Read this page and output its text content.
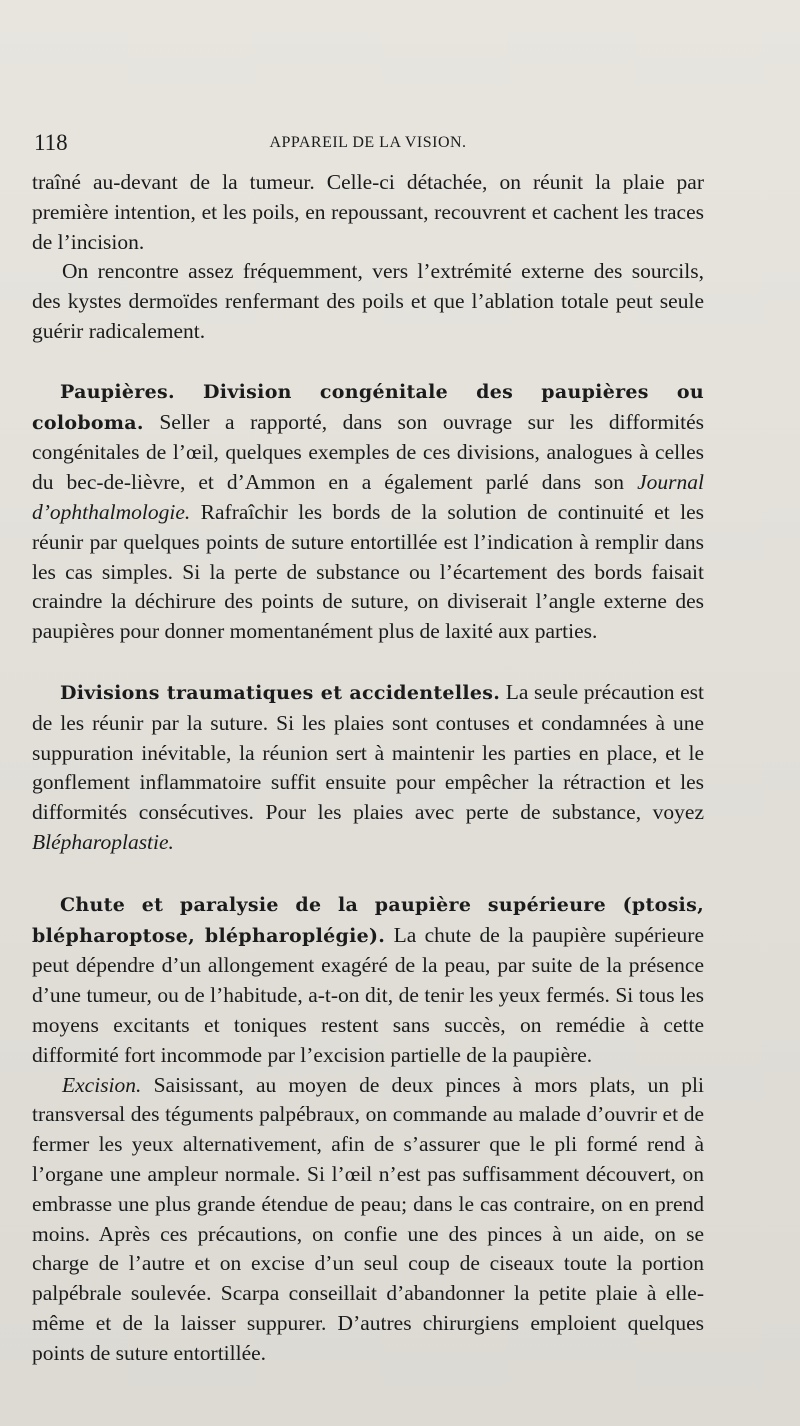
118	APPAREIL DE LA VISION.

traîné au-devant de la tumeur. Celle-ci détachée, on réunit la plaie par première intention, et les poils, en repoussant, recouvrent et cachent les traces de l’incision.

On rencontre assez fréquemment, vers l’extrémité externe des sourcils, des kystes dermoïdes renfermant des poils et que l’ablation totale peut seule guérir radicalement.

Paupières. Division congénitale des paupières ou coloboma. Seller a rapporté, dans son ouvrage sur les difformités congénitales de l’œil, quelques exemples de ces divisions, analogues à celles du bec-de-lièvre, et d’Ammon en a également parlé dans son Journal d’ophthalmologie. Rafraîchir les bords de la solution de continuité et les réunir par quelques points de suture entortillée est l’indication à remplir dans les cas simples. Si la perte de substance ou l’écartement des bords faisait craindre la déchirure des points de suture, on diviserait l’angle externe des paupières pour donner momentanément plus de laxité aux parties.

Divisions traumatiques et accidentelles. La seule précaution est de les réunir par la suture. Si les plaies sont contuses et condamnées à une suppuration inévitable, la réunion sert à maintenir les parties en place, et le gonflement inflammatoire suffit ensuite pour empêcher la rétraction et les difformités consécutives. Pour les plaies avec perte de substance, voyez Blépharoplastie.

Chute et paralysie de la paupière supérieure (ptosis, blépharoptose, blépharoplégie). La chute de la paupière supérieure peut dépendre d’un allongement exagéré de la peau, par suite de la présence d’une tumeur, ou de l’habitude, a-t-on dit, de tenir les yeux fermés. Si tous les moyens excitants et toniques restent sans succès, on remédie à cette difformité fort incommode par l’excision partielle de la paupière.

Excision. Saisissant, au moyen de deux pinces à mors plats, un pli transversal des téguments palpébraux, on commande au malade d’ouvrir et de fermer les yeux alternativement, afin de s’assurer que le pli formé rend à l’organe une ampleur normale. Si l’œil n’est pas suffisamment découvert, on embrasse une plus grande étendue de peau; dans le cas contraire, on en prend moins. Après ces précautions, on confie une des pinces à un aide, on se charge de l’autre et on excise d’un seul coup de ciseaux toute la portion palpébrale soulevée. Scarpa conseillait d’abandonner la petite plaie à elle-même et de la laisser suppurer. D’autres chirurgiens emploient quelques points de suture entortillée.
